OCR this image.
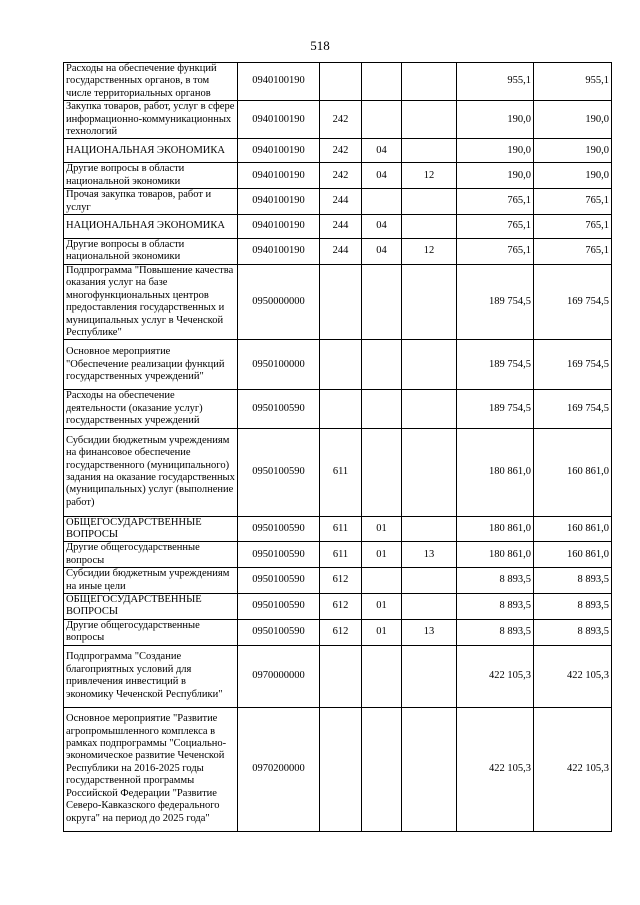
518
Расходы на обеспечение функций государственных органов, в том числе территориальных органов	0940100190				955,1	955,1
Закупка товаров, работ, услуг в сфере информационно-коммуникационных технологий	0940100190	242			190,0	190,0
НАЦИОНАЛЬНАЯ ЭКОНОМИКА	0940100190	242	04		190,0	190,0
Другие вопросы в области национальной экономики	0940100190	242	04	12	190,0	190,0
Прочая закупка товаров, работ и услуг	0940100190	244			765,1	765,1
НАЦИОНАЛЬНАЯ ЭКОНОМИКА	0940100190	244	04		765,1	765,1
Другие вопросы в области национальной экономики	0940100190	244	04	12	765,1	765,1
Подпрограмма "Повышение качества оказания услуг на базе многофункциональных центров предоставления государственных и муниципальных услуг в Чеченской Республике"	0950000000				189 754,5	169 754,5
Основное мероприятие "Обеспечение реализации функций государственных учреждений"	0950100000				189 754,5	169 754,5
Расходы на обеспечение деятельности (оказание услуг) государственных учреждений	0950100590				189 754,5	169 754,5
Субсидии бюджетным учреждениям на финансовое обеспечение государственного (муниципального) задания на оказание государственных (муниципальных) услуг (выполнение работ)	0950100590	611			180 861,0	160 861,0
ОБЩЕГОСУДАРСТВЕННЫЕ ВОПРОСЫ	0950100590	611	01		180 861,0	160 861,0
Другие общегосударственные вопросы	0950100590	611	01	13	180 861,0	160 861,0
Субсидии бюджетным учреждениям на иные цели	0950100590	612			8 893,5	8 893,5
ОБЩЕГОСУДАРСТВЕННЫЕ ВОПРОСЫ	0950100590	612	01		8 893,5	8 893,5
Другие общегосударственные вопросы	0950100590	612	01	13	8 893,5	8 893,5
Подпрограмма "Создание благоприятных условий для привлечения инвестиций в экономику Чеченской Республики"	0970000000				422 105,3	422 105,3
Основное мероприятие "Развитие агропромышленного комплекса в рамках подпрограммы "Социально-экономическое развитие Чеченской Республики на 2016-2025 годы государственной программы Российской Федерации "Развитие Северо-Кавказского федерального округа" на период до 2025 года"	0970200000				422 105,3	422 105,3
